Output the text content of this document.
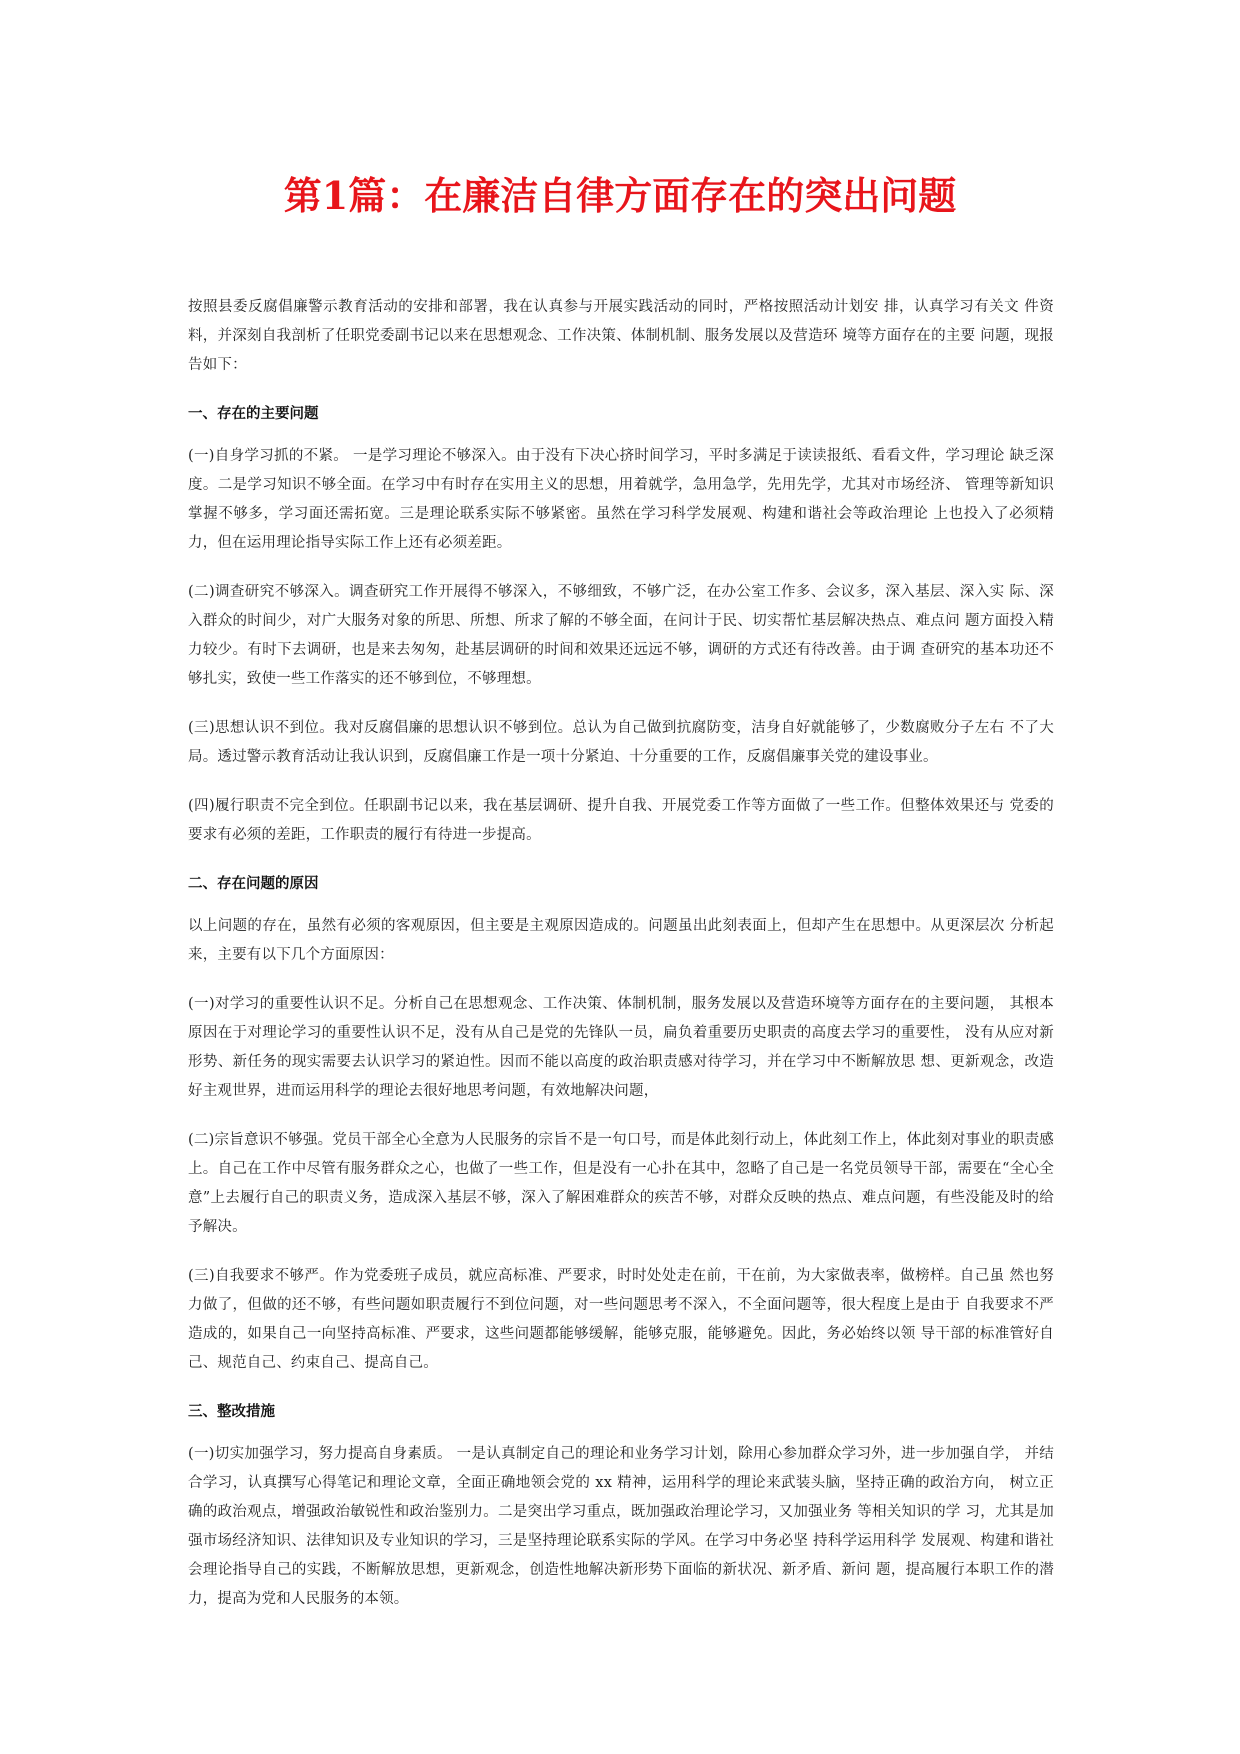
第1篇：在廉洁自律方面存在的突出问题

按照县委反腐倡廉警示教育活动的安排和部署，我在认真参与开展实践活动的同时，严格按照活动计划安 排，认真学习有关文 件资料，并深刻自我剖析了任职党委副书记以来在思想观念、工作决策、体制机制、服务发展以及营造环 境等方面存在的主要 问题，现报告如下：

一、存在的主要问题

(一)自身学习抓的不紧。 一是学习理论不够深入。由于没有下决心挤时间学习，平时多满足于读读报纸、看看文件，学习理论 缺乏深度。二是学习知识不够全面。在学习中有时存在实用主义的思想，用着就学，急用急学，先用先学，尤其对市场经济、 管理等新知识掌握不够多，学习面还需拓宽。三是理论联系实际不够紧密。虽然在学习科学发展观、构建和谐社会等政治理论 上也投入了必须精力，但在运用理论指导实际工作上还有必须差距。

(二)调查研究不够深入。调查研究工作开展得不够深入，不够细致，不够广泛，在办公室工作多、会议多，深入基层、深入实 际、深入群众的时间少，对广大服务对象的所思、所想、所求了解的不够全面，在问计于民、切实帮忙基层解决热点、难点问 题方面投入精力较少。有时下去调研，也是来去匆匆，赴基层调研的时间和效果还远远不够，调研的方式还有待改善。由于调 查研究的基本功还不够扎实，致使一些工作落实的还不够到位，不够理想。

(三)思想认识不到位。我对反腐倡廉的思想认识不够到位。总认为自己做到抗腐防变，洁身自好就能够了，少数腐败分子左右 不了大局。透过警示教育活动让我认识到，反腐倡廉工作是一项十分紧迫、十分重要的工作，反腐倡廉事关党的建设事业。

(四)履行职责不完全到位。任职副书记以来，我在基层调研、提升自我、开展党委工作等方面做了一些工作。但整体效果还与 党委的要求有必须的差距，工作职责的履行有待进一步提高。

二、存在问题的原因

以上问题的存在，虽然有必须的客观原因，但主要是主观原因造成的。问题虽出此刻表面上，但却产生在思想中。从更深层次 分析起来，主要有以下几个方面原因：

(一)对学习的重要性认识不足。分析自己在思想观念、工作决策、体制机制，服务发展以及营造环境等方面存在的主要问题， 其根本原因在于对理论学习的重要性认识不足，没有从自己是党的先锋队一员，扁负着重要历史职责的高度去学习的重要性， 没有从应对新形势、新任务的现实需要去认识学习的紧迫性。因而不能以高度的政治职责感对待学习，并在学习中不断解放思 想、更新观念，改造好主观世界，进而运用科学的理论去很好地思考问题，有效地解决问题，

(二)宗旨意识不够强。党员干部全心全意为人民服务的宗旨不是一句口号，而是体此刻行动上，体此刻工作上，体此刻对事业的职责感上。自己在工作中尽管有服务群众之心，也做了一些工作，但是没有一心扑在其中，忽略了自己是一名党员领导干部，需要在“全心全意”上去履行自己的职责义务，造成深入基层不够，深入了解困难群众的疾苦不够，对群众反映的热点、难点问题，有些没能及时的给予解决。

(三)自我要求不够严。作为党委班子成员，就应高标准、严要求，时时处处走在前，干在前，为大家做表率，做榜样。自己虽 然也努力做了，但做的还不够，有些问题如职责履行不到位问题，对一些问题思考不深入，不全面问题等，很大程度上是由于 自我要求不严造成的，如果自己一向坚持高标准、严要求，这些问题都能够缓解，能够克服，能够避免。因此，务必始终以领 导干部的标准管好自己、规范自己、约束自己、提高自己。

三、整改措施

(一)切实加强学习，努力提高自身素质。 一是认真制定自己的理论和业务学习计划，除用心参加群众学习外，进一步加强自学， 并结合学习，认真撰写心得笔记和理论文章，全面正确地领会党的 xx 精神，运用科学的理论来武装头脑，坚持正确的政治方向， 树立正确的政治观点，增强政治敏锐性和政治鉴别力。二是突出学习重点，既加强政治理论学习，又加强业务 等相关知识的学 习，尤其是加强市场经济知识、法律知识及专业知识的学习，三是坚持理论联系实际的学风。在学习中务必坚 持科学运用科学 发展观、构建和谐社会理论指导自己的实践，不断解放思想，更新观念，创造性地解决新形势下面临的新状况、新矛盾、新问 题，提高履行本职工作的潜力，提高为党和人民服务的本领。
